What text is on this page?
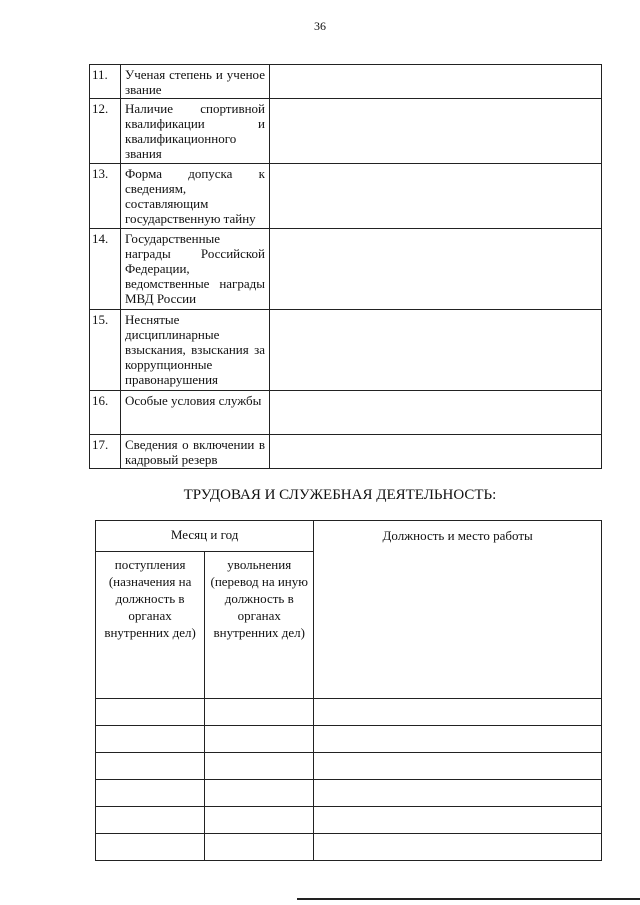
36
11.	Ученая степень и ученое звание	
12.	Наличие спортивной квалификации и квалификационного звания	
13.	Форма допуска к сведениям, составляющим государственную тайну	
14.	Государственные награды Российской Федерации, ведомственные награды МВД России	
15.	Неснятые дисциплинарные взыскания, взыскания за коррупционные правонарушения	
16.	Особые условия службы	
17.	Сведения о включении в кадровый резерв	
ТРУДОВАЯ И СЛУЖЕБНАЯ ДЕЯТЕЛЬНОСТЬ:
Месяц и год		Должность и место работы
поступления (назначения на должность в органах внутренних дел)	увольнения (перевод на иную должность в органах внутренних дел)	
